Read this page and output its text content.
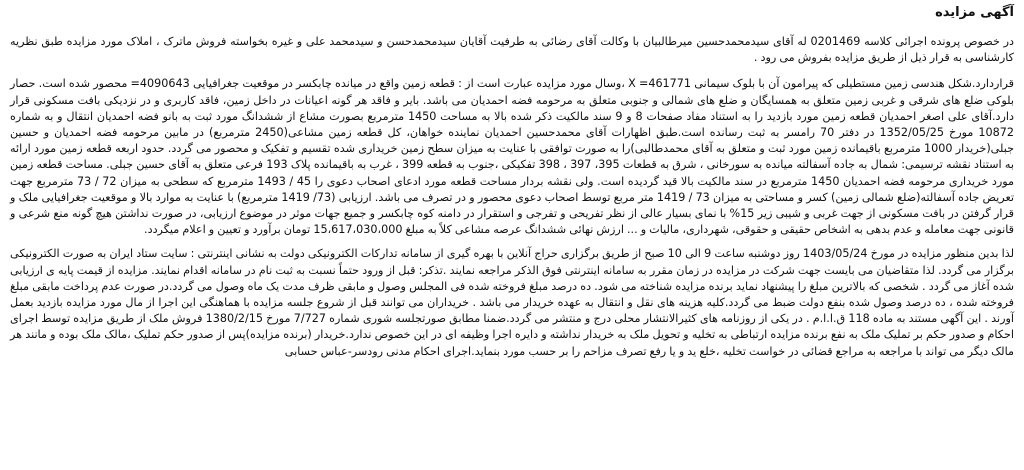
آگهی مزایده

در خصوص پرونده اجرائی کلاسه 0201469 له آقای سیدمحمدحسین میرطالبیان با وکالت آقای رضائی به طرفیت آقایان سیدمحمدحسن و سیدمحمد علی و غیره بخواسته فروش ماترک ، املاک مورد مزایده طبق نظریه کارشناسی به قرار ذیل از طریق مزایده بفروش می رود .

قراردارد.شکل هندسی زمین مستطیلی که پیرامون آن با بلوک سیمانی X =461771 ،وسال مورد مزایده عبارت است از : قطعه زمین واقع در میانده چابکسر در موقعیت جغرافیایی 4090643= محصور شده است. حصار بلوکی ضلع های شرقی و غربی زمین متعلق به همسایگان و ضلع های شمالی و جنوبی متعلق به مرحومه فضه احمدیان می باشد. بایر و فاقد هر گونه اعیانات در داخل زمین، فاقد کاربری و در نزدیکی بافت مسکونی قرار دارد.آقای علی اصغر احمدیان قطعه زمین مورد بازدید را به استناد مفاد صفحات 8 و 9 سند مالکیت ذکر شده بالا به مساحت 1450 مترمربع بصورت مشاع از ششدانگ مورد ثبت به بانو فضه احمدیان انتقال و به شماره 10872 مورخ 1352/05/25 در دفتر 70 رامسر به ثبت رسانده است.طبق اظهارات آقای محمدحسین احمدیان نماینده خواهان، کل قطعه زمین مشاعی(2450 مترمربع) در مابین مرحومه فضه احمدیان و حسین جبلی(خریدار 1000 مترمربع باقیمانده زمین مورد ثبت و متعلق به آقای محمدطالبی)را به صورت توافقی با عنایت به میزان سطح زمین خریداری شده تقسیم و تفکیک و محصور می گردد. حدود اربعه قطعه زمین مورد ارائه به استناد نقشه ترسیمی: شمال به جاده آسفالته میانده به سورخانی ، شرق به قطعات 395، 397 ، 398 تفکیکی ،جنوب به قطعه 399 ، غرب به باقیمانده پلاک 193 فرعی متعلق به آقای حسین جبلی. مساحت قطعه زمین مورد خریداری مرحومه فضه احمدیان 1450 مترمربع در سند مالکیت بالا قید گردیده است. ولی نقشه بردار مساحت قطعه مورد ادعای اصحاب دعوی را 45 / 1493 مترمربع که سطحی به میزان 72 / 73 مترمربع جهت تعریض جاده آسفالته(ضلع شمالی زمین) کسر و مساحتی به میزان 73 / 1419 متر مربع توسط اصحاب دعوی محصور و در تصرف می باشد. ارزیابی (73/ 1419 مترمربع) با عنایت به موارد بالا و موقعیت جغرافیایی ملک و قرار گرفتن در بافت مسکونی از جهت غربی و شیبی زیر 15% با نمای بسیار عالی از نظر تفریحی و تفرجی و استقرار در دامنه کوه چابکسر و جمیع جهات موثر در موضوع ارزیابی، در صورت نداشتن هیچ گونه منع شرعی و قانونی جهت معامله و عدم بدهی به اشخاص حقیقی و حقوقی، شهرداری، مالیات و ... ارزش نهائی ششدانگ عرصه مشاعی کلاً به مبلغ 15،617،030،000 تومان برآورد و تعیین و اعلام میگردد.

لذا بدین منظور مزایده در مورخ 1403/05/24 روز دوشنبه ساعت 9 الی 10 صبح از طریق برگزاری حراج آنلاین با بهره گیری از سامانه تدارکات الکترونیکی دولت به نشانی اینترنتی : سایت ستاد ایران به صورت الکترونیکی برگزار می گردد. لذا متقاضیان می بایست جهت شرکت در مزایده در زمان مقرر به سامانه اینترنتی فوق الذکر مراجعه نمایند .تذکر: قبل از ورود حتماً نسبت به ثبت نام در سامانه اقدام نمایند. مزایده از قیمت پایه ی ارزیابی شده آغاز می گردد . شخصی که بالاترین مبلغ را پیشنهاد نماید برنده مزایده شناخته می شود. ده درصد مبلغ فروخته شده فی المجلس وصول و مابقی ظرف مدت یک ماه وصول می گردد.در صورت عدم پرداخت مابقی مبلغ فروخته شده ، ده درصد وصول شده بنفع دولت ضبط می گردد.کلیه هزینه های نقل و انتقال به عهده خریدار می باشد . خریداران می توانند قبل از شروع جلسه مزایده با هماهنگی این اجرا از مال مورد مزایده بازدید بعمل آورند . این آگهی مستند به ماده 118 ق.ا.ا.م . در یکی از روزنامه های کثیرالانتشار محلی درج و منتشر می گردد.ضمنا مطابق صورتجلسه شوری شماره 7/727 مورخ 1380/2/15 فروش ملک از طریق مزایده توسط اجرای احکام و صدور حکم بر تملیک ملک به نفع برنده مزایده ارتباطی به تخلیه و تحویل ملک به خریدار نداشته و دایره اجرا وظیفه ای در این خصوص ندارد.خریدار (برنده مزایده)پس از صدور حکم تملیک ،مالک ملک بوده و مانند هر مالک دیگر می تواند با مراجعه به مراجع قضائی در خواست تخلیه ،خلع ید و یا رفع تصرف مزاحم را بر حسب مورد بنماید.اجرای احکام مدنی رودسر-عباس حسابی
